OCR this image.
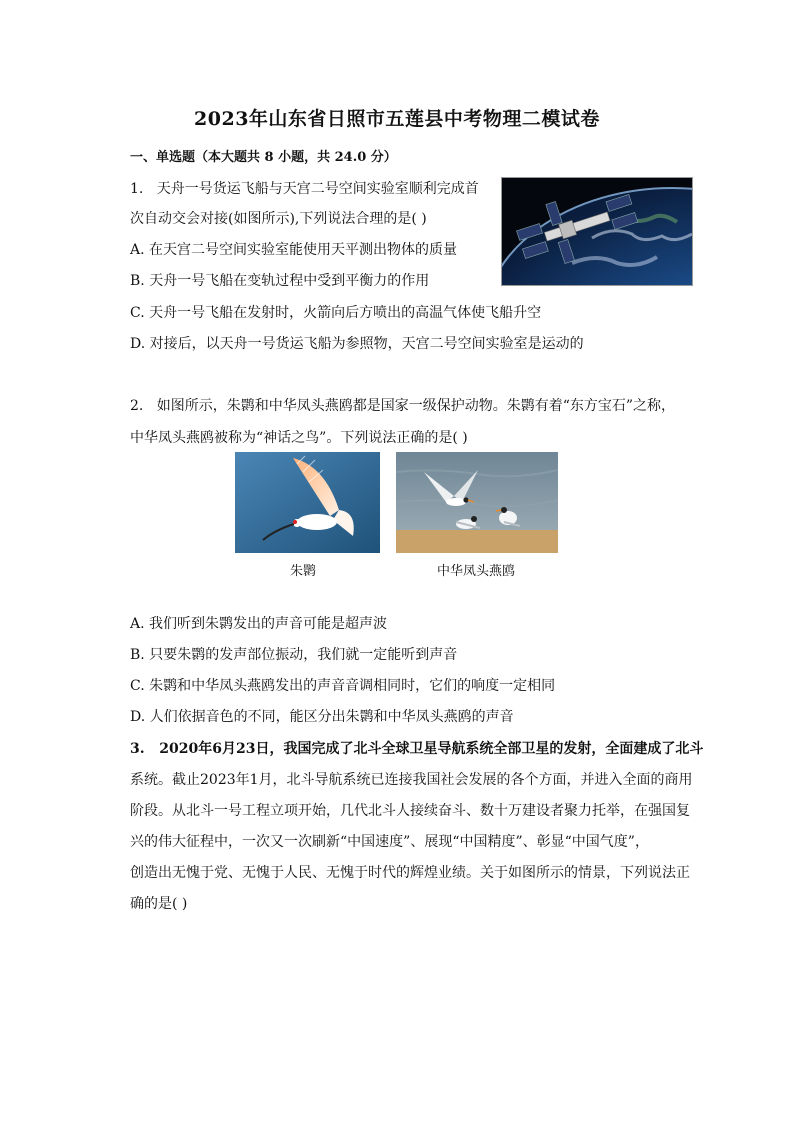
2023年山东省日照市五莲县中考物理二模试卷
一、单选题（本大题共 8 小题，共 24.0 分）
1. 天舟一号货运飞船与天宫二号空间实验室顺利完成首
次自动交会对接(如图所示),下列说法合理的是( )
A. 在天宫二号空间实验室能使用天平测出物体的质量
B. 天舟一号飞船在变轨过程中受到平衡力的作用
C. 天舟一号飞船在发射时，火箭向后方喷出的高温气体使飞船升空
D. 对接后，以天舟一号货运飞船为参照物，天宫二号空间实验室是运动的
2. 如图所示，朱鹮和中华凤头燕鸥都是国家一级保护动物。朱鹮有着“东方宝石”之称，
中华凤头燕鸥被称为“神话之鸟”。下列说法正确的是( )
朱鹮	中华凤头燕鸥
A. 我们听到朱鹮发出的声音可能是超声波
B. 只要朱鹮的发声部位振动，我们就一定能听到声音
C. 朱鹮和中华凤头燕鸥发出的声音音调相同时，它们的响度一定相同
D. 人们依据音色的不同，能区分出朱鹮和中华凤头燕鸥的声音
3. 2020年6月23日，我国完成了北斗全球卫星导航系统全部卫星的发射，全面建成了北斗
系统。截止2023年1月，北斗导航系统已连接我国社会发展的各个方面，并进入全面的商用
阶段。从北斗一号工程立项开始，几代北斗人接续奋斗、数十万建设者聚力托举，在强国复
兴的伟大征程中，一次又一次刷新“中国速度”、展现“中国精度”、彰显“中国气度”，
创造出无愧于党、无愧于人民、无愧于时代的辉煌业绩。关于如图所示的情景，下列说法正
确的是( )
